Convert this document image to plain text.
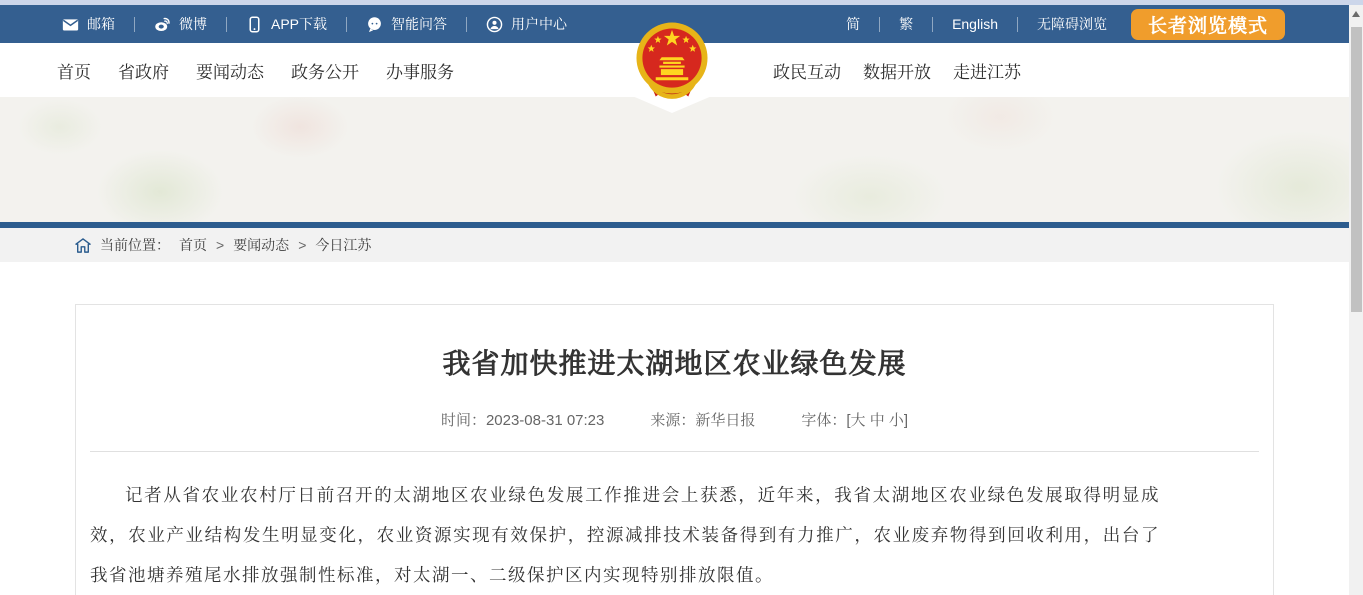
邮箱	微博	APP下载	智能问答	用户中心	简	繁	English	无障碍浏览	长者浏览模式
首页 省政府 要闻动态 政务公开 办事服务	政民互动 数据开放 走进江苏
-请输入要搜索的关键词-
当前位置： 首页 > 要闻动态 > 今日江苏
我省加快推进太湖地区农业绿色发展
时间：2023-08-31 07:23	来源：新华日报	字体：[大 中 小]

记者从省农业农村厅日前召开的太湖地区农业绿色发展工作推进会上获悉，近年来，我省太湖地区农业绿色发展取得明显成效，农业产业结构发生明显变化，农业资源实现有效保护，控源减排技术装备得到有力推广，农业废弃物得到回收利用，出台了我省池塘养殖尾水排放强制性标准，对太湖一、二级保护区内实现特别排放限值。
